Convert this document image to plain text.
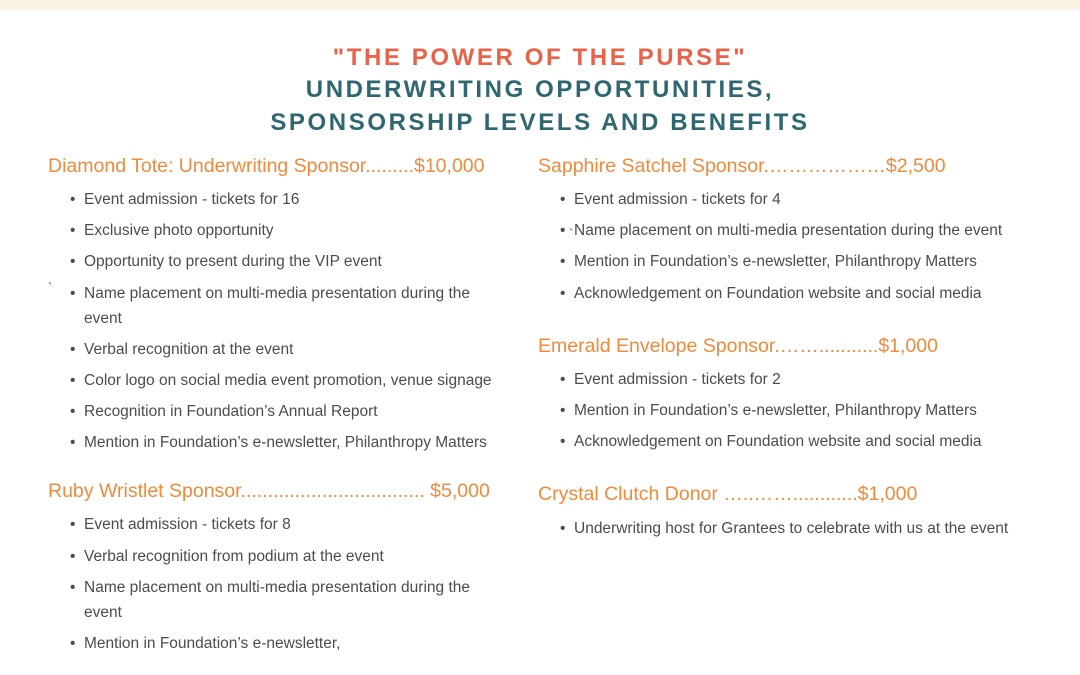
"THE POWER OF THE PURSE"
UNDERWRITING OPPORTUNITIES,
SPONSORSHIP LEVELS AND BENEFITS
`
Diamond Tote: Underwriting Sponsor.........$10,000
• Event admission - tickets for 16
• Exclusive photo opportunity
• Opportunity to present during the VIP event
• Name placement on multi-media presentation during the event
• Verbal recognition at the event
• Color logo on social media event promotion, venue signage
• Recognition in Foundation’s Annual Report
• Mention in Foundation’s e-newsletter, Philanthropy Matters
Ruby Wristlet Sponsor.................................. $5,000
• Event admission - tickets for 8
• Verbal recognition from podium at the event
• Name placement on multi-media presentation during the event
• Mention in Foundation’s e-newsletter,
`
Sapphire Satchel Sponsor.………………$2,500
• Event admission - tickets for 4
• Name placement on multi-media presentation during the event
• Mention in Foundation’s e-newsletter, Philanthropy Matters
• Acknowledgement on Foundation website and social media
Emerald Envelope Sponsor.……...........$1,000
• Event admission - tickets for 2
• Mention in Foundation’s e-newsletter, Philanthropy Matters
• Acknowledgement on Foundation website and social media
Crystal Clutch Donor …..……............$1,000
• Underwriting host for Grantees to celebrate with us at the event
